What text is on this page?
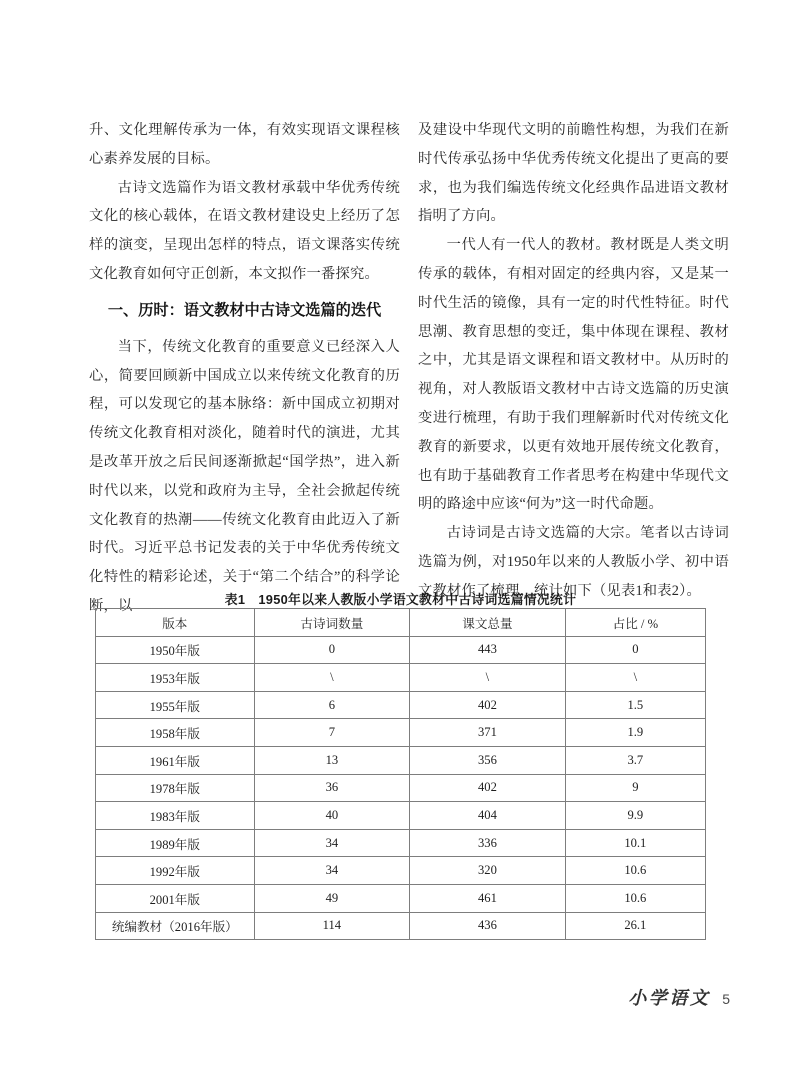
升、文化理解传承为一体，有效实现语文课程核心素养发展的目标。

古诗文选篇作为语文教材承载中华优秀传统文化的核心载体，在语文教材建设史上经历了怎样的演变，呈现出怎样的特点，语文课落实传统文化教育如何守正创新，本文拟作一番探究。

一、历时：语文教材中古诗文选篇的迭代

当下，传统文化教育的重要意义已经深入人心，简要回顾新中国成立以来传统文化教育的历程，可以发现它的基本脉络：新中国成立初期对传统文化教育相对淡化，随着时代的演进，尤其是改革开放之后民间逐渐掀起“国学热”，进入新时代以来，以党和政府为主导，全社会掀起传统文化教育的热潮——传统文化教育由此迈入了新时代。习近平总书记发表的关于中华优秀传统文化特性的精彩论述，关于“第二个结合”的科学论断，以

及建设中华现代文明的前瞻性构想，为我们在新时代传承弘扬中华优秀传统文化提出了更高的要求，也为我们编选传统文化经典作品进语文教材指明了方向。

一代人有一代人的教材。教材既是人类文明传承的载体，有相对固定的经典内容，又是某一时代生活的镜像，具有一定的时代性特征。时代思潮、教育思想的变迁，集中体现在课程、教材之中，尤其是语文课程和语文教材中。从历时的视角，对人教版语文教材中古诗文选篇的历史演变进行梳理，有助于我们理解新时代对传统文化教育的新要求，以更有效地开展传统文化教育，也有助于基础教育工作者思考在构建中华现代文明的路途中应该“何为”这一时代命题。

古诗词是古诗文选篇的大宗。笔者以古诗词选篇为例，对1950年以来的人教版小学、初中语文教材作了梳理，统计如下（见表1和表2）。

表1　1950年以来人教版小学语文教材中古诗词选篇情况统计
版本	古诗词数量	课文总量	占比 / %
1950年版	0	443	0
1953年版	\	\	\
1955年版	6	402	1.5
1958年版	7	371	1.9
1961年版	13	356	3.7
1978年版	36	402	9
1983年版	40	404	9.9
1989年版	34	336	10.1
1992年版	34	320	10.6
2001年版	49	461	10.6
统编教材（2016年版）	114	436	26.1
小学语文 5
